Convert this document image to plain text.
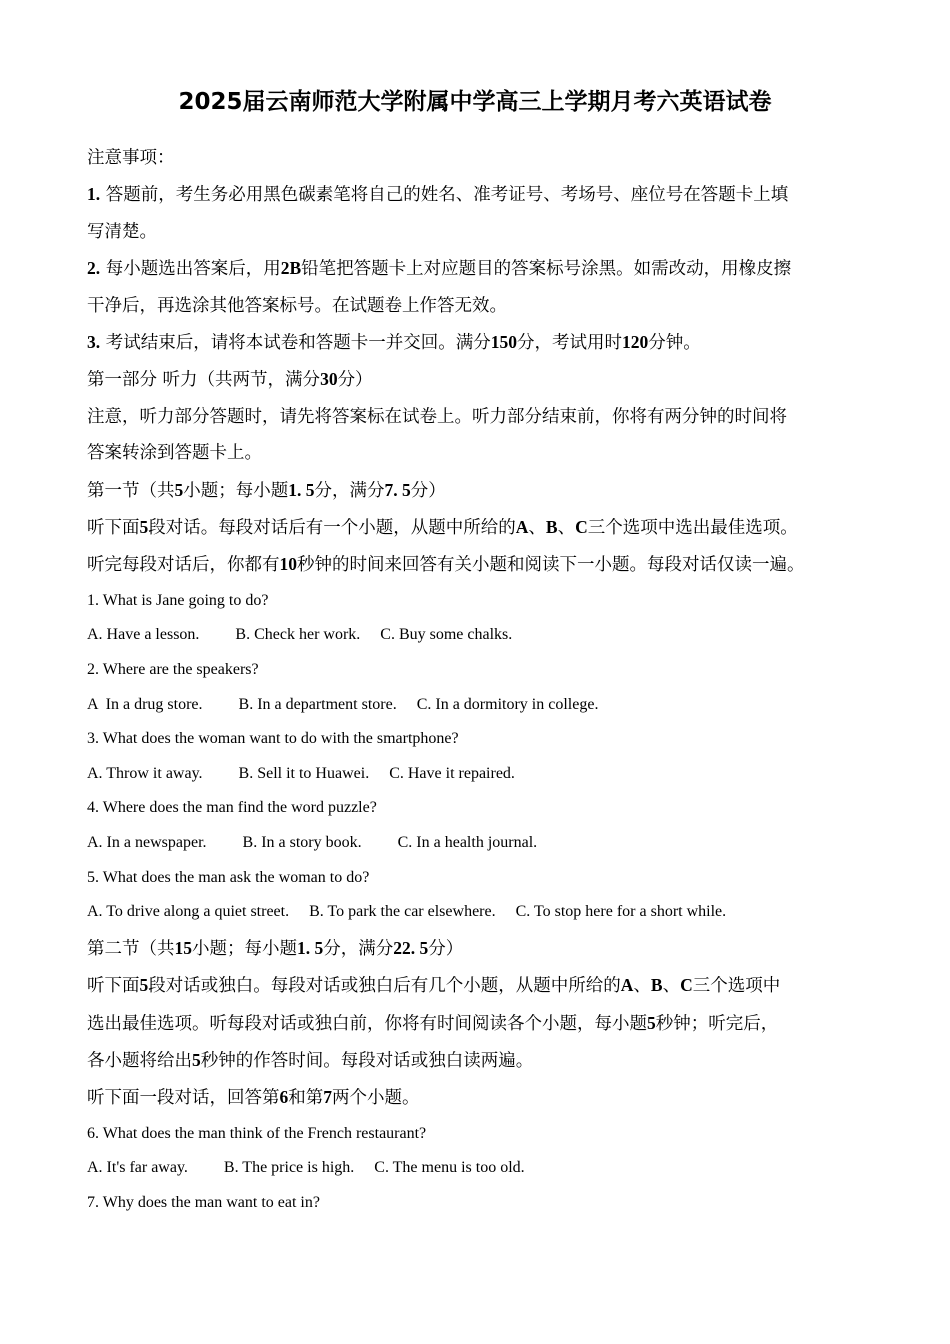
2025届云南师范大学附属中学高三上学期月考六英语试卷
注意事项：
1. 答题前，考生务必用黑色碳素笔将自己的姓名、准考证号、考场号、座位号在答题卡上填
写清楚。
2. 每小题选出答案后，用2B铅笔把答题卡上对应题目的答案标号涂黑。如需改动，用橡皮擦
干净后，再选涂其他答案标号。在试题卷上作答无效。
3. 考试结束后，请将本试卷和答题卡一并交回。满分150分，考试用时120分钟。
第一部分 听力（共两节，满分30分）
注意，听力部分答题时，请先将答案标在试卷上。听力部分结束前，你将有两分钟的时间将
答案转涂到答题卡上。
第一节（共5小题；每小题1. 5分，满分7. 5分）
听下面5段对话。每段对话后有一个小题，从题中所给的A、B、C三个选项中选出最佳选项。
听完每段对话后，你都有10秒钟的时间来回答有关小题和阅读下一小题。每段对话仅读一遍。
1. What is Jane going to do?
A. Have a lesson.         B. Check her work.     C. Buy some chalks.
2. Where are the speakers?
A  In a drug store.         B. In a department store.     C. In a dormitory in college.
3. What does the woman want to do with the smartphone?
A. Throw it away.         B. Sell it to Huawei.     C. Have it repaired.
4. Where does the man find the word puzzle?
A. In a newspaper.         B. In a story book.         C. In a health journal.
5. What does the man ask the woman to do?
A. To drive along a quiet street.     B. To park the car elsewhere.     C. To stop here for a short while.
第二节（共15小题；每小题1. 5分，满分22. 5分）
听下面5段对话或独白。每段对话或独白后有几个小题，从题中所给的A、B、C三个选项中
选出最佳选项。听每段对话或独白前，你将有时间阅读各个小题，每小题5秒钟；听完后，
各小题将给出5秒钟的作答时间。每段对话或独白读两遍。
听下面一段对话，回答第6和第7两个小题。
6. What does the man think of the French restaurant?
A. It's far away.         B. The price is high.     C. The menu is too old.
7. Why does the man want to eat in?
